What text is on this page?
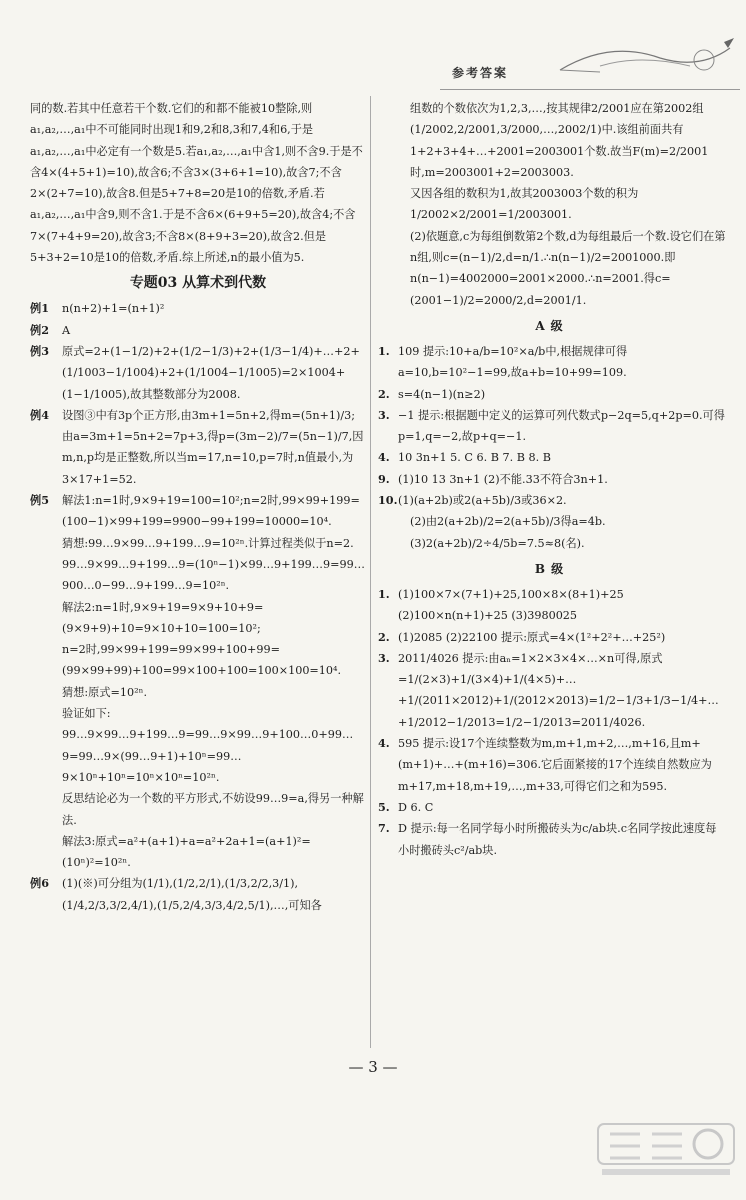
参考答案

同的数.若其中任意若干个数.它们的和都不能被10整除,则a₁,a₂,…,a₁中不可能同时出现1和9,2和8,3和7,4和6,于是a₁,a₂,…,a₁中必定有一个数是5.若a₁,a₂,…,a₁中含1,则不含9.于是不含4×(4+5+1)=10),故含6;不含3×(3+6+1=10),故含7;不含2×(2+7=10),故含8.但是5+7+8=20是10的倍数,矛盾.若a₁,a₂,…,a₁中含9,则不含1.于是不含6×(6+9+5=20),故含4;不含7×(7+4+9=20),故含3;不含8×(8+9+3=20),故含2.但是5+3+2=10是10的倍数,矛盾.综上所述,n的最小值为5.

专题03 从算术到代数
例1	n(n+2)+1=(n+1)²
例2	A
例3	原式=2+(1−1/2)+2+(1/2−1/3)+2+(1/3−1/4)+…+2+(1/1003−1/1004)+2+(1/1004−1/1005)=2×1004+(1−1/1005),故其整数部分为2008.
例4	设图③中有3p个正方形,由3m+1=5n+2,得m=(5n+1)/3;由a=3m+1=5n+2=7p+3,得p=(3m−2)/7=(5n−1)/7,因m,n,p均是正整数,所以当m=17,n=10,p=7时,n值最小,为3×17+1=52.
例5	解法1:n=1时,9×9+19=100=10²;n=2时,99×99+199=(100−1)×99+199=9900−99+199=10000=10⁴.

猜想:99…9×99…9+199…9=10²ⁿ.计算过程类似于n=2.

99…9×99…9+199…9=(10ⁿ−1)×99…9+199…9=99…900…0−99…9+199…9=10²ⁿ.

解法2:n=1时,9×9+19=9×9+10+9=(9×9+9)+10=9×10+10=100=10²;

n=2时,99×99+199=99×99+100+99=(99×99+99)+100=99×100+100=100×100=10⁴.

猜想:原式=10²ⁿ.

验证如下:

99…9×99…9+199…9=99…9×99…9+100…0+99…9=99…9×(99…9+1)+10ⁿ=99…9×10ⁿ+10ⁿ=10ⁿ×10ⁿ=10²ⁿ.

反思结论必为一个数的平方形式,不妨设99…9=a,得另一种解法.

解法3:原式=a²+(a+1)+a=a²+2a+1=(a+1)²=(10ⁿ)²=10²ⁿ.

例6	(1)(※)可分组为(1/1),(1/2,2/1),(1/3,2/2,3/1),(1/4,2/3,3/2,4/1),(1/5,2/4,3/3,4/2,5/1),…,可知各

组数的个数依次为1,2,3,…,按其规律2/2001应在第2002组(1/2002,2/2001,3/2000,…,2002/1)中.该组前面共有1+2+3+4+…+2001=2003001个数.故当F(m)=2/2001时,m=2003001+2=2003003.

又因各组的数积为1,故其2003003个数的积为1/2002×2/2001=1/2003001.

(2)依题意,c为每组倒数第2个数,d为每组最后一个数.设它们在第n组,则c=(n−1)/2,d=n/1.∴n(n−1)/2=2001000.即n(n−1)=4002000=2001×2000.∴n=2001.得c=(2001−1)/2=2000/2,d=2001/1.

A级
1. 109 提示:10+a/b=10²×a/b中,根据规律可得a=10,b=10²−1=99,故a+b=10+99=109.
2. s=4(n−1)(n≥2)
3. −1 提示:根据题中定义的运算可列代数式p−2q=5,q+2p=0.可得p=1,q=−2,故p+q=−1.
4. 10 3n+1 5. C 6. B 7. B 8. B
9. (1)10 13 3n+1 (2)不能.33不符合3n+1.
10. (1)(a+2b)或2(a+5b)/3或36×2.

(2)由2(a+2b)/2=2(a+5b)/3得a=4b.

(3)2(a+2b)/2÷4/5b=7.5≈8(名).

B级
1. (1)100×7×(7+1)+25,100×8×(8+1)+25 (2)100×n(n+1)+25 (3)3980025
2. (1)2085 (2)22100 提示:原式=4×(1²+2²+…+25²)
3. 2011/4026 提示:由aₙ=1×2×3×4×…×n可得,原式=1/(2×3)+1/(3×4)+1/(4×5)+…+1/(2011×2012)+1/(2012×2013)=1/2−1/3+1/3−1/4+…+1/2012−1/2013=1/2−1/2013=2011/4026.
4. 595 提示:设17个连续整数为m,m+1,m+2,…,m+16,且m+(m+1)+…+(m+16)=306.它后面紧接的17个连续自然数应为m+17,m+18,m+19,…,m+33,可得它们之和为595.
5. D 6. C
7. D 提示:每一名同学每小时所搬砖头为c/ab块.c名同学按此速度每小时搬砖头c²/ab块.
— 3 —
